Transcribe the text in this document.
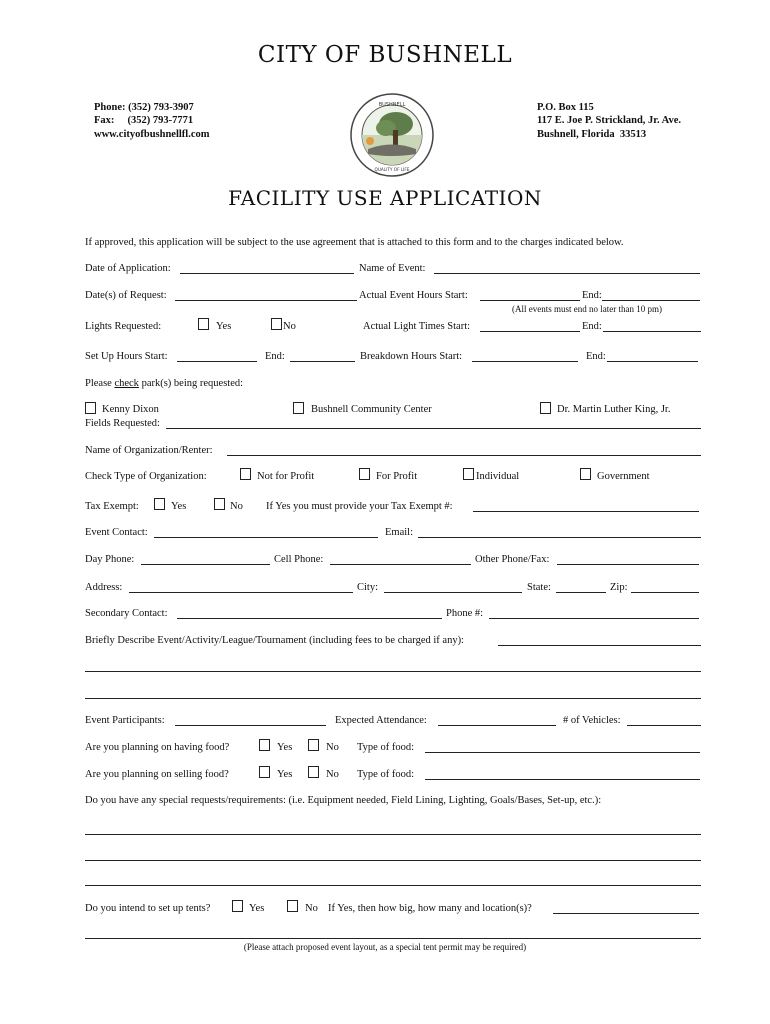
CITY OF BUSHNELL
Phone: (352) 793-3907
Fax:     (352) 793-7771
www.cityofbushnellfl.com
P.O. Box 115
117 E. Joe P. Strickland, Jr. Ave.
Bushnell, Florida  33513
BUSHNELL
QUALITY OF LIFE
FACILITY USE APPLICATION
If approved, this application will be subject to the use agreement that is attached to this form and to the charges indicated below.
Date of Application:	Name of Event:
Date(s) of Request:	Actual Event Hours Start:	End:
(All events must end no later than 10 pm)
Lights Requested:	Yes	No	Actual Light Times Start:	End:
Set Up Hours Start:	End:	Breakdown Hours Start:	End:
Please check park(s) being requested:
Kenny Dixon	Bushnell Community Center	Dr. Martin Luther King, Jr.
Fields Requested:
Name of Organization/Renter:
Check Type of Organization:	Not for Profit	For Profit	Individual	Government
Tax Exempt:	Yes	No If Yes you must provide your Tax Exempt #:
Event Contact:	Email:
Day Phone:	Cell Phone:	Other Phone/Fax:
Address:	City:	State:	Zip:
Secondary Contact:	Phone #:
Briefly Describe Event/Activity/League/Tournament (including fees to be charged if any):
Event Participants:	Expected Attendance:	# of Vehicles:
Are you planning on having food?	Yes	No Type of food:
Are you planning on selling food?	Yes	No Type of food:
Do you have any special requests/requirements: (i.e. Equipment needed, Field Lining, Lighting, Goals/Bases, Set-up, etc.):
Do you intend to set up tents?	Yes	No If Yes, then how big, how many and location(s)?
(Please attach proposed event layout, as a special tent permit may be required)
